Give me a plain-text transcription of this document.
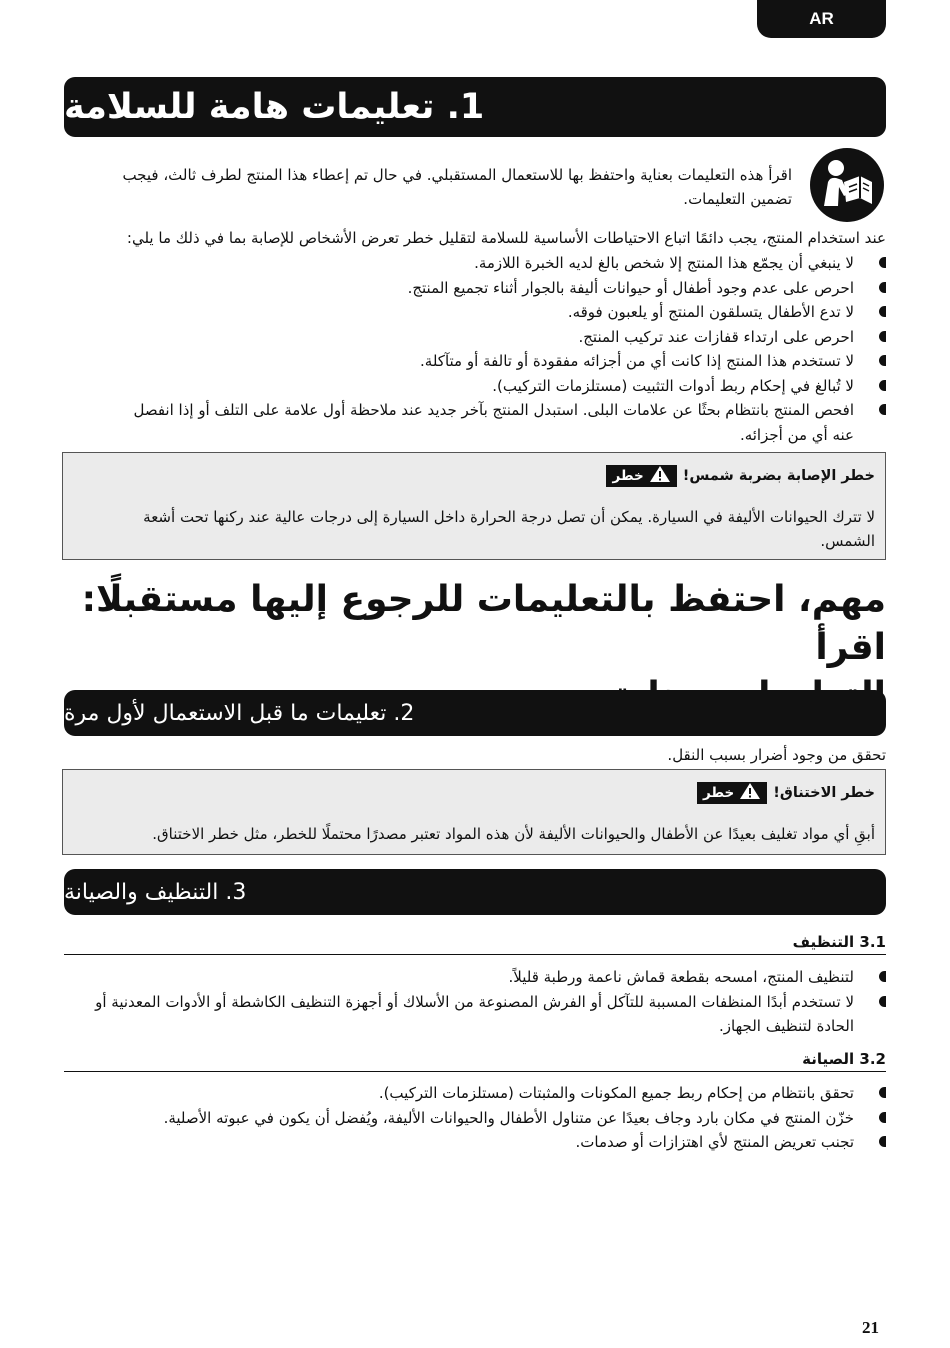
AR
1. تعليمات هامة للسلامة
اقرأ هذه التعليمات بعناية واحتفظ بها للاستعمال المستقبلي. في حال تم إعطاء هذا المنتج لطرف ثالث، فيجب
تضمين التعليمات.
عند استخدام المنتج، يجب دائمًا اتباع الاحتياطات الأساسية للسلامة لتقليل خطر تعرض الأشخاص للإصابة بما في ذلك ما يلي:
لا ينبغي أن يجمّع هذا المنتج إلا شخص بالغ لديه الخبرة اللازمة.
احرص على عدم وجود أطفال أو حيوانات أليفة بالجوار أثناء تجميع المنتج.
لا تدع الأطفال يتسلقون المنتج أو يلعبون فوقه.
احرص على ارتداء قفازات عند تركيب المنتج.
لا تستخدم هذا المنتج إذا كانت أي من أجزائه مفقودة أو تالفة أو متآكلة.
لا تُبالغ في إحكام ربط أدوات التثبيت (مستلزمات التركيب).
افحص المنتج بانتظام بحثًا عن علامات البلى. استبدل المنتج بآخر جديد عند ملاحظة أول علامة على التلف أو إذا انفصل
عنه أي من أجزائه.
خطر	خطر الإصابة بضربة شمس!
لا تترك الحيوانات الأليفة في السيارة. يمكن أن تصل درجة الحرارة داخل السيارة إلى درجات عالية عند ركنها تحت أشعة
الشمس.
مهم، احتفظ بالتعليمات للرجوع إليها مستقبلًا: اقرأ
2. تعليمات ما قبل الاستعمال لأول مرة
تحقق من وجود أضرار بسبب النقل.
خطر	خطر الاختناق!
أبقِ أي مواد تغليف بعيدًا عن الأطفال والحيوانات الأليفة لأن هذه المواد تعتبر مصدرًا محتملًا للخطر، مثل خطر الاختناق.
3. التنظيف والصيانة
3.1 التنظيف
لتنظيف المنتج، امسحه بقطعة قماش ناعمة ورطبة قليلاً.
لا تستخدم أبدًا المنظفات المسببة للتآكل أو الفرش المصنوعة من الأسلاك أو أجهزة التنظيف الكاشطة أو الأدوات المعدنية أو
الحادة لتنظيف الجهاز.
3.2 الصيانة
تحقق بانتظام من إحكام ربط جميع المكونات والمثبتات (مستلزمات التركيب).
خزّن المنتج في مكان بارد وجاف بعيدًا عن متناول الأطفال والحيوانات الأليفة، ويُفضل أن يكون في عبوته الأصلية.
تجنب تعريض المنتج لأي اهتزازات أو صدمات.
21
